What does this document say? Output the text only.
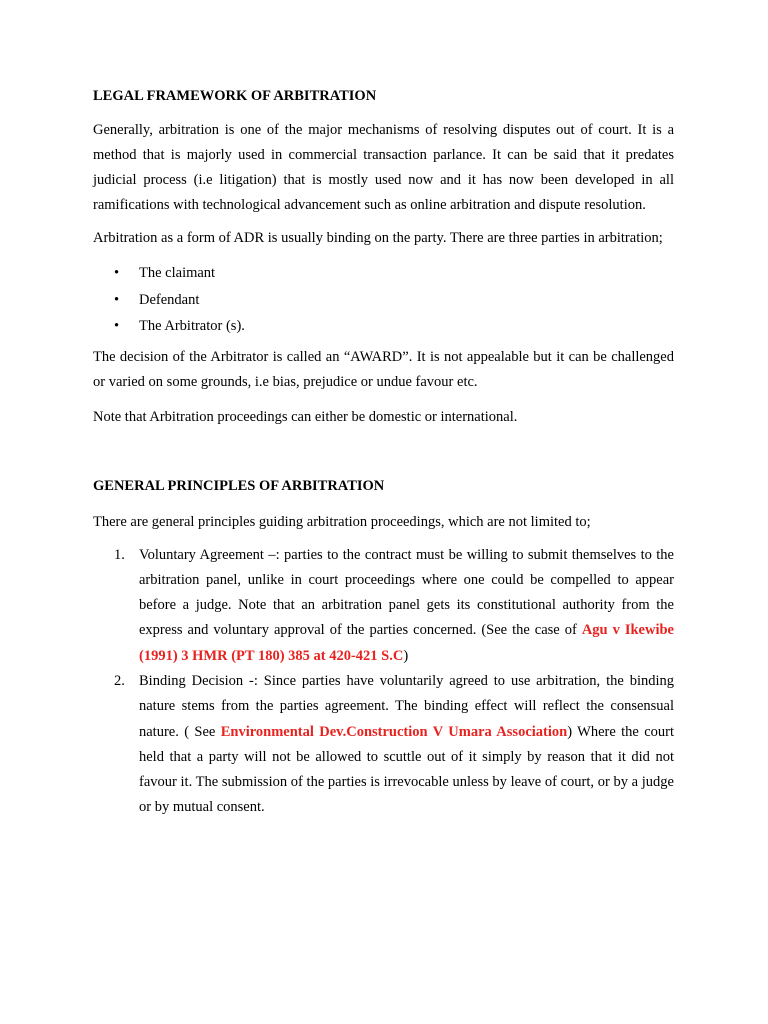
LEGAL FRAMEWORK OF ARBITRATION

Generally, arbitration is one of the major mechanisms of resolving disputes out of court. It is a method that is majorly used in commercial transaction parlance. It can be said that it predates judicial process (i.e litigation) that is mostly used now and it has now been developed in all ramifications with technological advancement such as online arbitration and dispute resolution.

Arbitration as a form of ADR is usually binding on the party. There are three parties in arbitration;

• The claimant
• Defendant
• The Arbitrator (s).

The decision of the Arbitrator is called an “AWARD”. It is not appealable but it can be challenged or varied on some grounds, i.e bias, prejudice or undue favour etc.

Note that Arbitration proceedings can either be domestic or international.

GENERAL PRINCIPLES OF ARBITRATION

There are general principles guiding arbitration proceedings, which are not limited to;

1. Voluntary Agreement –: parties to the contract must be willing to submit themselves to the arbitration panel, unlike in court proceedings where one could be compelled to appear before a judge. Note that an arbitration panel gets its constitutional authority from the express and voluntary approval of the parties concerned. (See the case of Agu v Ikewibe (1991) 3 HMR (PT 180) 385 at 420-421 S.C)
2. Binding Decision -: Since parties have voluntarily agreed to use arbitration, the binding nature stems from the parties agreement. The binding effect will reflect the consensual nature. ( See Environmental Dev.Construction V Umara Association) Where the court held that a party will not be allowed to scuttle out of it simply by reason that it did not favour it. The submission of the parties is irrevocable unless by leave of court, or by a judge or by mutual consent.
